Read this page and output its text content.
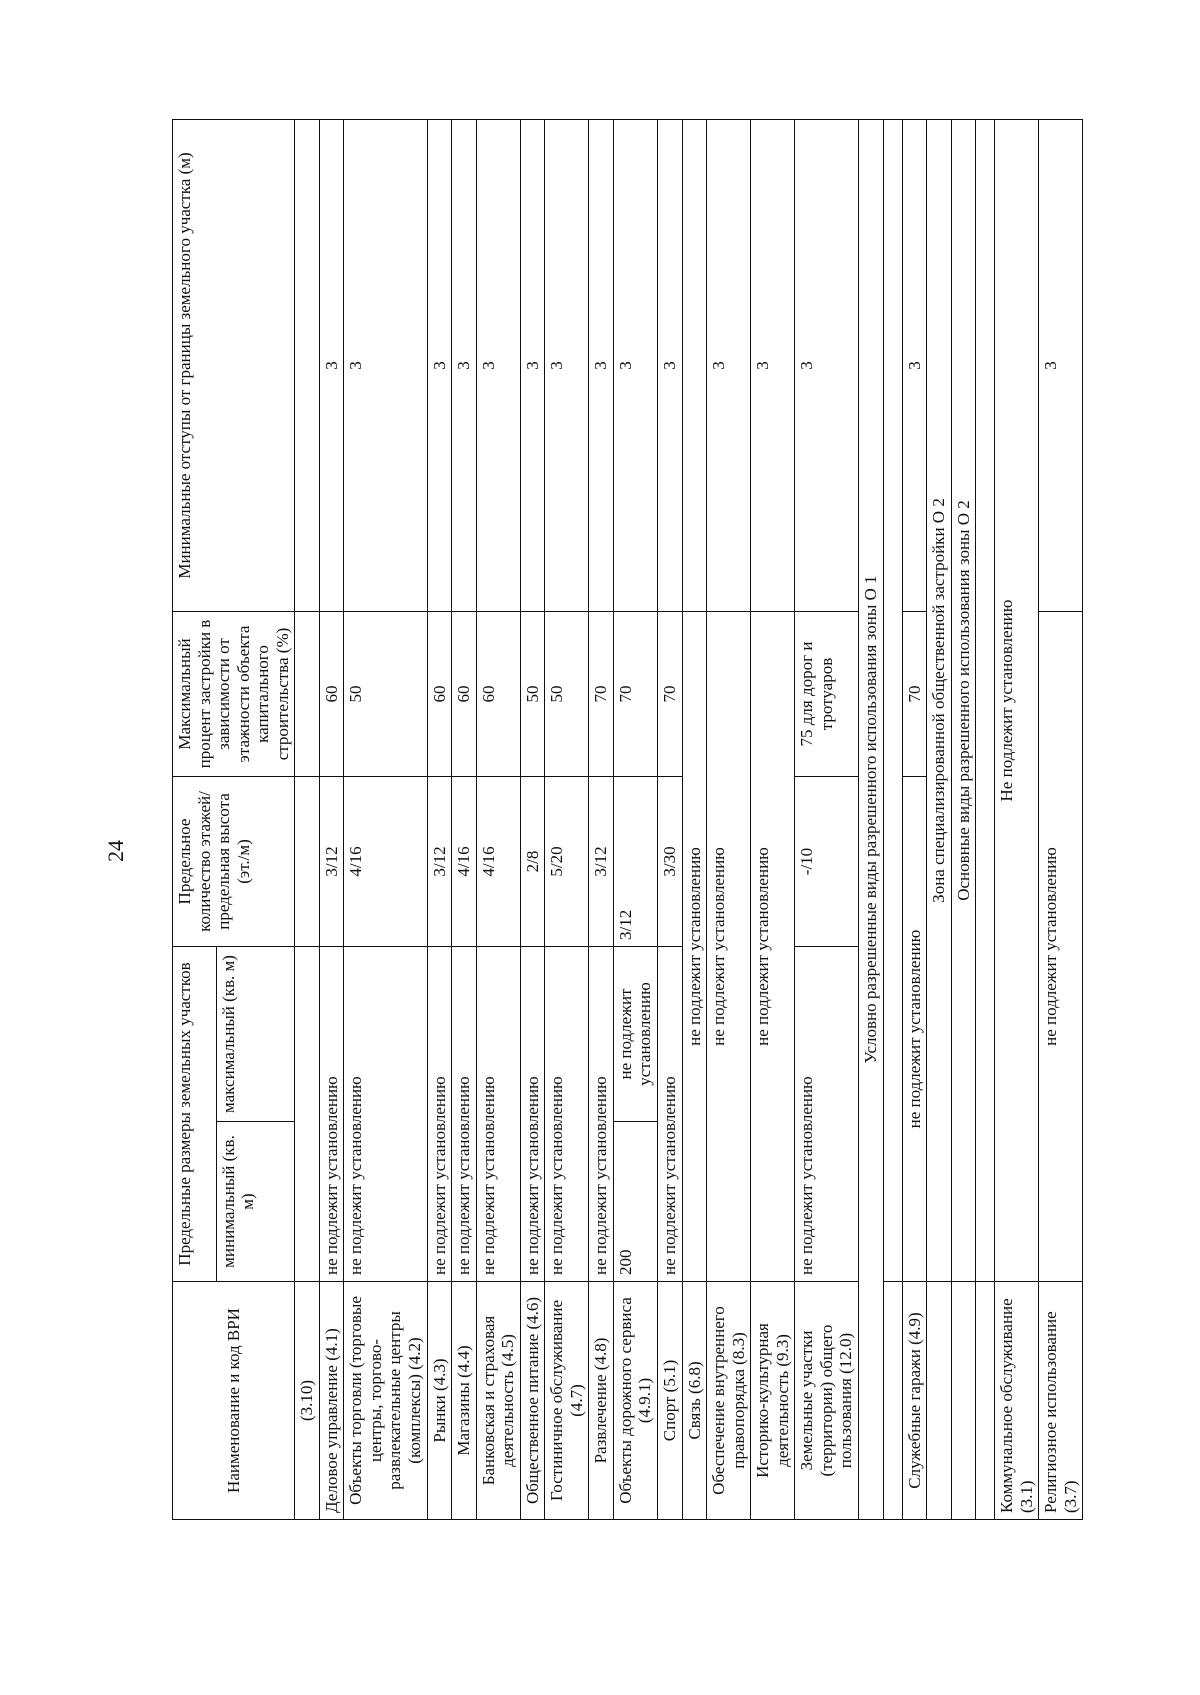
24
Наименование и код ВРИ	Предельные размеры земельных участков		Предельное количество этажей/ предельная высота (эт./м)	Максимальный процент застройки в зависимости от этажности объекта капитального строительства (%)	Минимальные отступы от границы земельного участка (м)
	минимальный (кв. м)	максимальный (кв. м)			
(3.10)					
Деловое управление (4.1)	не подлежит установлению		3/12	60	3
Объекты торговли (торговые центры, торгово-развлекательные центры (комплексы) (4.2)	не подлежит установлению		4/16	50	3
Рынки (4.3)	не подлежит установлению		3/12	60	3
Магазины (4.4)	не подлежит установлению		4/16	60	3
Банковская и страховая деятельность (4.5)	не подлежит установлению		4/16	60	3
Общественное питание (4.6)	не подлежит установлению		2/8	50	3
Гостиничное обслуживание (4.7)	не подлежит установлению		5/20	50	3
Развлечение (4.8)	не подлежит установлению		3/12	70	3
Объекты дорожного сервиса (4.9.1)	200	не подлежит установлению	3/12	70	3
Спорт (5.1)	не подлежит установлению		3/30	70	3
Связь (6.8)	не подлежит установлению				
Обеспечение внутреннего правопорядка (8.3)	не подлежит установлению				3
Историко-культурная деятельность (9.3)	не подлежит установлению				3
Земельные участки (территории) общего пользования (12.0)	не подлежит установлению		-/10	75 для дорог и тротуаров	3
Условно разрешенные виды разрешенного использования зоны О 1					

Служебные гаражи (4.9)	не подлежит установлению			70	3
	Зона специализированной общественной застройки О 2				
	Основные виды разрешенного использования зоны О 2				

Коммунальное обслуживание (3.1)	Не подлежит установлению				
Религиозное использование (3.7)	не подлежит установлению				3
